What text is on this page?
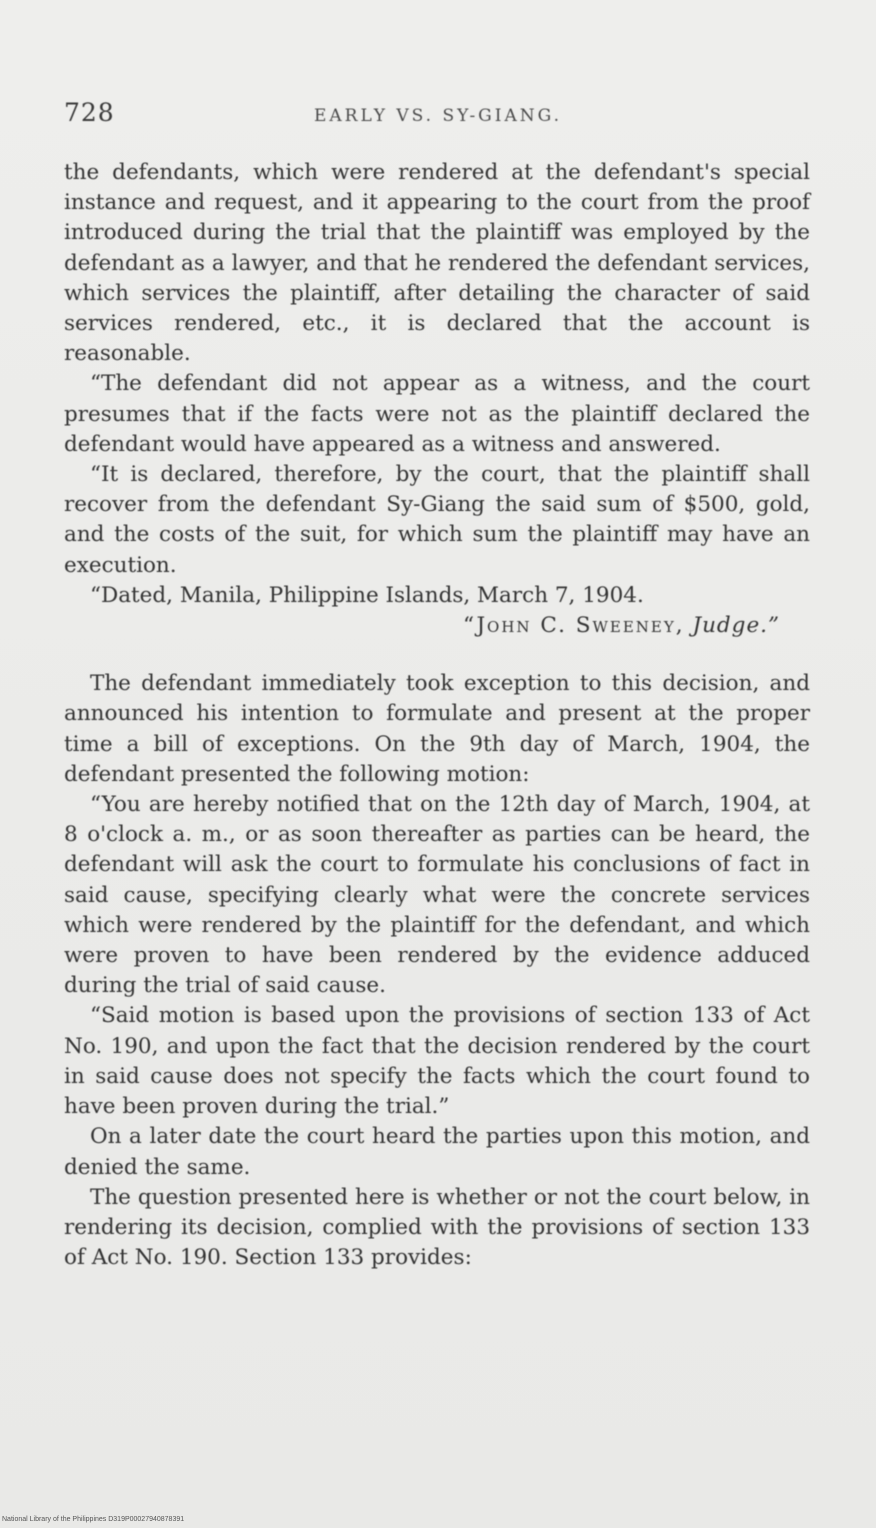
728	EARLY VS. SY-GIANG.

the defendants, which were rendered at the defendant's special instance and request, and it appearing to the court from the proof introduced during the trial that the plaintiff was employed by the defendant as a lawyer, and that he rendered the defendant services, which services the plaintiff, after detailing the character of said services rendered, etc., it is declared that the account is reasonable.

“The defendant did not appear as a witness, and the court presumes that if the facts were not as the plaintiff declared the defendant would have appeared as a witness and answered.

“It is declared, therefore, by the court, that the plaintiff shall recover from the defendant Sy-Giang the said sum of $500, gold, and the costs of the suit, for which sum the plaintiff may have an execution.

“Dated, Manila, Philippine Islands, March 7, 1904.

“John C. Sweeney, Judge.”

The defendant immediately took exception to this decision, and announced his intention to formulate and present at the proper time a bill of exceptions. On the 9th day of March, 1904, the defendant presented the following motion:

“You are hereby notified that on the 12th day of March, 1904, at 8 o'clock a. m., or as soon thereafter as parties can be heard, the defendant will ask the court to formulate his conclusions of fact in said cause, specifying clearly what were the concrete services which were rendered by the plaintiff for the defendant, and which were proven to have been rendered by the evidence adduced during the trial of said cause.

“Said motion is based upon the provisions of section 133 of Act No. 190, and upon the fact that the decision rendered by the court in said cause does not specify the facts which the court found to have been proven during the trial.”

On a later date the court heard the parties upon this motion, and denied the same.

The question presented here is whether or not the court below, in rendering its decision, complied with the provisions of section 133 of Act No. 190. Section 133 provides:

National Library of the Philippines D319P00027940878391
